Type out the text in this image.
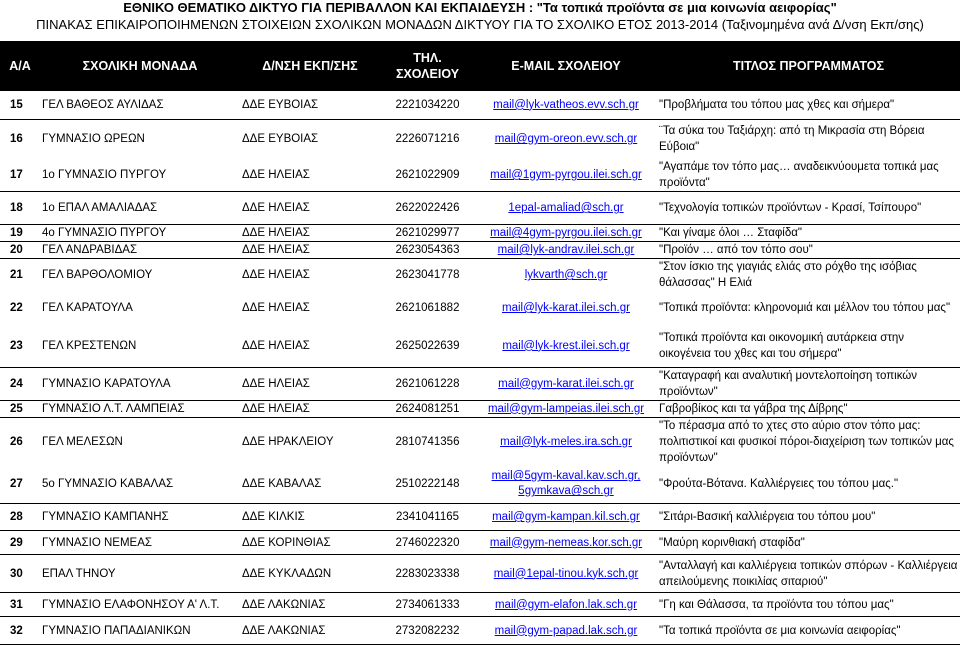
ΕΘΝΙΚΟ ΘΕΜΑΤΙΚΟ ΔΙΚΤΥΟ ΓΙΑ ΠΕΡΙΒΑΛΛΟΝ ΚΑΙ ΕΚΠΑΙΔΕΥΣΗ : "Τα τοπικά προϊόντα σε μια κοινωνία αειφορίας"
ΠΙΝΑΚΑΣ ΕΠΙΚΑΙΡΟΠΟΙΗΜΕΝΩΝ ΣΤΟΙΧΕΙΩΝ ΣΧΟΛΙΚΩΝ ΜΟΝΑΔΩΝ ΔΙΚΤΥΟΥ ΓΙΑ ΤΟ ΣΧΟΛΙΚΟ ΕΤΟΣ 2013-2014 (Ταξινομημένα ανά Δ/νση Εκπ/σης)
Α/Α	ΣΧΟΛΙΚΗ ΜΟΝΑΔΑ	Δ/ΝΣΗ ΕΚΠ/ΣΗΣ	ΤΗΛ. ΣΧΟΛΕΙΟΥ	E-MAIL ΣΧΟΛΕΙΟΥ	ΤΙΤΛΟΣ ΠΡΟΓΡΑΜΜΑΤΟΣ
15	ΓΕΛ ΒΑΘΕΟΣ ΑΥΛΙΔΑΣ	ΔΔΕ ΕΥΒΟΙΑΣ	2221034220	mail@lyk-vatheos.evv.sch.gr	"Προβλήματα του τόπου μας χθες και σήμερα"
16	ΓΥΜΝΑΣΙΟ ΩΡΕΩΝ	ΔΔΕ ΕΥΒΟΙΑΣ	2226071216	mail@gym-oreon.evv.sch.gr	¨Τα σύκα του Ταξιάρχη: από τη Μικρασία στη Βόρεια Εύβοια"
17	1ο ΓΥΜΝΑΣΙΟ ΠΥΡΓΟΥ	ΔΔΕ ΗΛΕΙΑΣ	2621022909	mail@1gym-pyrgou.ilei.sch.gr	"Αγαπάμε τον τόπο μας… αναδεικνύουμετα τοπικά μας προϊόντα"
18	1ο ΕΠΑΛ ΑΜΑΛΙΑΔΑΣ	ΔΔΕ ΗΛΕΙΑΣ	2622022426	1epal-amaliad@sch.gr	"Τεχνολογία τοπικών προϊόντων - Κρασί, Τσίπουρο"
19	4ο ΓΥΜΝΑΣΙΟ ΠΥΡΓΟΥ	ΔΔΕ ΗΛΕΙΑΣ	2621029977	mail@4gym-pyrgou.ilei.sch.gr	"Και γίναμε όλοι … Σταφίδα"
20	ΓΕΛ ΑΝΔΡΑΒΙΔΑΣ	ΔΔΕ ΗΛΕΙΑΣ	2623054363	mail@lyk-andrav.ilei.sch.gr	"Προϊόν … από τον τόπο σου"
21	ΓΕΛ ΒΑΡΘΟΛΟΜΙΟΥ	ΔΔΕ ΗΛΕΙΑΣ	2623041778	lykvarth@sch.gr	"Στον ίσκιο της γιαγιάς ελιάς στο ρόχθο της ισόβιας θάλασσας" Η Ελιά
22	ΓΕΛ ΚΑΡΑΤΟΥΛΑ	ΔΔΕ ΗΛΕΙΑΣ	2621061882	mail@lyk-karat.ilei.sch.gr	"Τοπικά προϊόντα: κληρονομιά και μέλλον του τόπου μας"
23	ΓΕΛ ΚΡΕΣΤΕΝΩΝ	ΔΔΕ ΗΛΕΙΑΣ	2625022639	mail@lyk-krest.ilei.sch.gr	"Τοπικά προϊόντα και οικονομική αυτάρκεια στην οικογένεια του χθες και του σήμερα"
24	ΓΥΜΝΑΣΙΟ ΚΑΡΑΤΟΥΛΑ	ΔΔΕ ΗΛΕΙΑΣ	2621061228	mail@gym-karat.ilei.sch.gr	"Καταγραφή και αναλυτική μοντελοποίηση τοπικών προϊόντων"
25	ΓΥΜΝΑΣΙΟ Λ.Τ. ΛΑΜΠΕΙΑΣ	ΔΔΕ ΗΛΕΙΑΣ	2624081251	mail@gym-lampeias.ilei.sch.gr	Γαβροβίκος και τα γάβρα της Δίβρης"
26	ΓΕΛ ΜΕΛΕΣΩΝ	ΔΔΕ ΗΡΑΚΛΕΙΟΥ	2810741356	mail@lyk-meles.ira.sch.gr	"Το πέρασμα από το χτες στο αύριο στον τόπο μας: πολιτιστικοί και φυσικοί πόροι-διαχείριση των τοπικών μας προϊόντων"
27	5ο ΓΥΜΝΑΣΙΟ ΚΑΒΑΛΑΣ	ΔΔΕ ΚΑΒΑΛΑΣ	2510222148	mail@5gym-kaval.kav.sch.gr, 5gymkava@sch.gr	"Φρούτα-Βότανα. Καλλιέργειες του τόπου μας."
28	ΓΥΜΝΑΣΙΟ ΚΑΜΠΑΝΗΣ	ΔΔΕ ΚΙΛΚΙΣ	2341041165	mail@gym-kampan.kil.sch.gr	"Σιτάρι-Βασική καλλιέργεια του τόπου μου"
29	ΓΥΜΝΑΣΙΟ ΝΕΜΕΑΣ	ΔΔΕ ΚΟΡΙΝΘΙΑΣ	2746022320	mail@gym-nemeas.kor.sch.gr	"Μαύρη κορινθιακή σταφίδα"
30	ΕΠΑΛ ΤΗΝΟΥ	ΔΔΕ ΚΥΚΛΑΔΩΝ	2283023338	mail@1epal-tinou.kyk.sch.gr	"Ανταλλαγή και καλλιέργεια τοπικών σπόρων - Καλλιέργεια απειλούμενης ποικιλίας σιταριού"
31	ΓΥΜΝΑΣΙΟ ΕΛΑΦΟΝΗΣΟΥ Α' Λ.Τ.	ΔΔΕ ΛΑΚΩΝΙΑΣ	2734061333	mail@gym-elafon.lak.sch.gr	"Γη και Θάλασσα, τα προϊόντα του τόπου μας"
32	ΓΥΜΝΑΣΙΟ ΠΑΠΑΔΙΑΝΙΚΩΝ	ΔΔΕ ΛΑΚΩΝΙΑΣ	2732082232	mail@gym-papad.lak.sch.gr	"Τα τοπικά προϊόντα σε μια κοινωνία αειφορίας"
